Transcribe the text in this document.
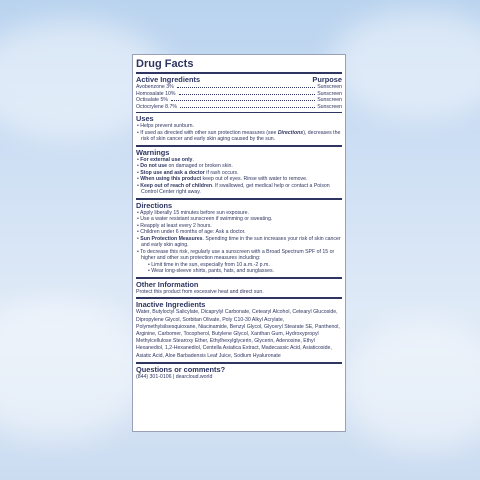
Drug Facts
Active Ingredients	Purpose
Avobenzone 3%	Sunscreen
Homosalate 10%	Sunscreen
Octisalate 5%	Sunscreen
Octocrylene 8.7%	Sunscreen
Uses
• Helps prevent sunburn.
• If used as directed with other sun protection measures (see Directions), decreases the risk of skin cancer and early skin aging caused by the sun.
Warnings
• For external use only.
• Do not use on damaged or broken skin.
• Stop use and ask a doctor if rash occurs.
• When using this product keep out of eyes. Rinse with water to remove.
• Keep out of reach of children. If swallowed, get medical help or contact a Poison Control Center right away.
Directions
• Apply liberally 15 minutes before sun exposure.
• Use a water resistant sunscreen if swimming or sweating.
• Reapply at least every 2 hours.
• Children under 6 months of age: Ask a doctor.
• Sun Protection Measures. Spending time in the sun increases your risk of skin cancer and early skin aging.
• To decrease this risk, regularly use a sunscreen with a Broad Spectrum SPF of 15 or higher and other sun protection measures including:
• Limit time in the sun, especially from 10 a.m.-2 p.m.
• Wear long-sleeve shirts, pants, hats, and sunglasses.
Other Information
Protect this product from excessive heat and direct sun.
Inactive Ingredients
Water, Butyloctyl Salicylate, Dicaprylyl Carbonate, Cetearyl Alcohol, Cetearyl Glucoside, Dipropylene Glycol, Sorbitan Olivate, Poly C10-30 Alkyl Acrylate, Polymethylsilsesquioxane, Niacinamide, Benzyl Glycol, Glyceryl Stearate SE, Panthenol, Arginine, Carbomer, Tocopherol, Butylene Glycol, Xanthan Gum, Hydroxypropyl Methylcellulose Stearoxy Ether, Ethylhexylglycerin, Glycerin, Adenosine, Ethyl Hexanediol, 1,2-Hexanediol, Centella Asiatica Extract, Madecassic Acid, Asiaticoside, Asiatic Acid, Aloe Barbadensis Leaf Juice, Sodium Hyaluronate
Questions or comments?
(844) 301-0106 | dearcloud.world
